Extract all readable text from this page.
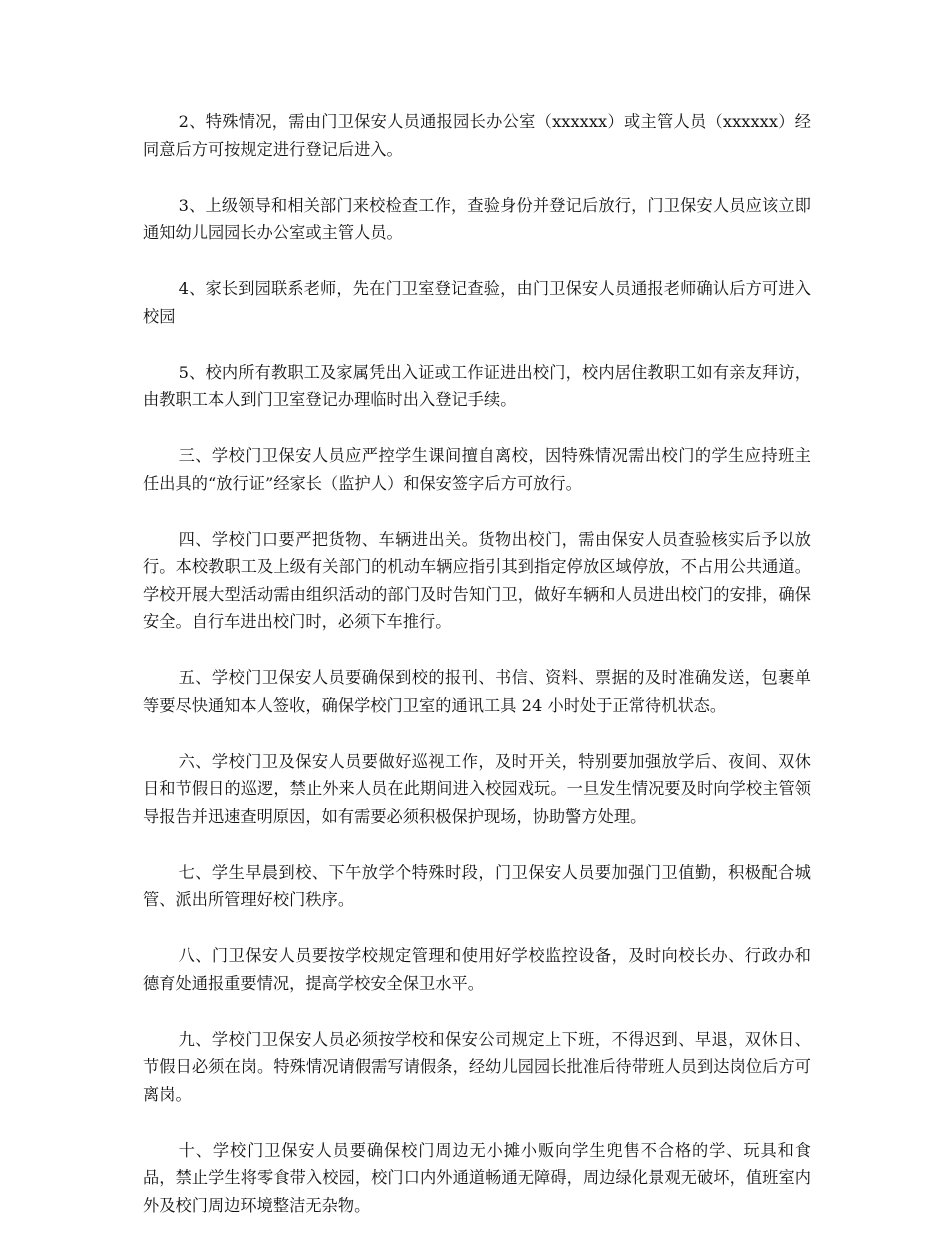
2、特殊情况，需由门卫保安人员通报园长办公室（xxxxxx）或主管人员（xxxxxx）经同意后方可按规定进行登记后进入。

3、上级领导和相关部门来校检查工作，查验身份并登记后放行，门卫保安人员应该立即通知幼儿园园长办公室或主管人员。

4、家长到园联系老师，先在门卫室登记查验，由门卫保安人员通报老师确认后方可进入校园

5、校内所有教职工及家属凭出入证或工作证进出校门，校内居住教职工如有亲友拜访，由教职工本人到门卫室登记办理临时出入登记手续。

三、学校门卫保安人员应严控学生课间擅自离校，因特殊情况需出校门的学生应持班主任出具的“放行证”经家长（监护人）和保安签字后方可放行。

四、学校门口要严把货物、车辆进出关。货物出校门，需由保安人员查验核实后予以放行。本校教职工及上级有关部门的机动车辆应指引其到指定停放区域停放，不占用公共通道。学校开展大型活动需由组织活动的部门及时告知门卫，做好车辆和人员进出校门的安排，确保安全。自行车进出校门时，必须下车推行。

五、学校门卫保安人员要确保到校的报刊、书信、资料、票据的及时准确发送，包裹单等要尽快通知本人签收，确保学校门卫室的通讯工具 24 小时处于正常待机状态。

六、学校门卫及保安人员要做好巡视工作，及时开关，特别要加强放学后、夜间、双休日和节假日的巡逻，禁止外来人员在此期间进入校园戏玩。一旦发生情况要及时向学校主管领导报告并迅速查明原因，如有需要必须积极保护现场，协助警方处理。

七、学生早晨到校、下午放学个特殊时段，门卫保安人员要加强门卫值勤，积极配合城管、派出所管理好校门秩序。

八、门卫保安人员要按学校规定管理和使用好学校监控设备，及时向校长办、行政办和德育处通报重要情况，提高学校安全保卫水平。

九、学校门卫保安人员必须按学校和保安公司规定上下班，不得迟到、早退，双休日、节假日必须在岗。特殊情况请假需写请假条，经幼儿园园长批准后待带班人员到达岗位后方可离岗。

十、学校门卫保安人员要确保校门周边无小摊小贩向学生兜售不合格的学、玩具和食品，禁止学生将零食带入校园，校门口内外通道畅通无障碍，周边绿化景观无破坏，值班室内外及校门周边环境整洁无杂物。
